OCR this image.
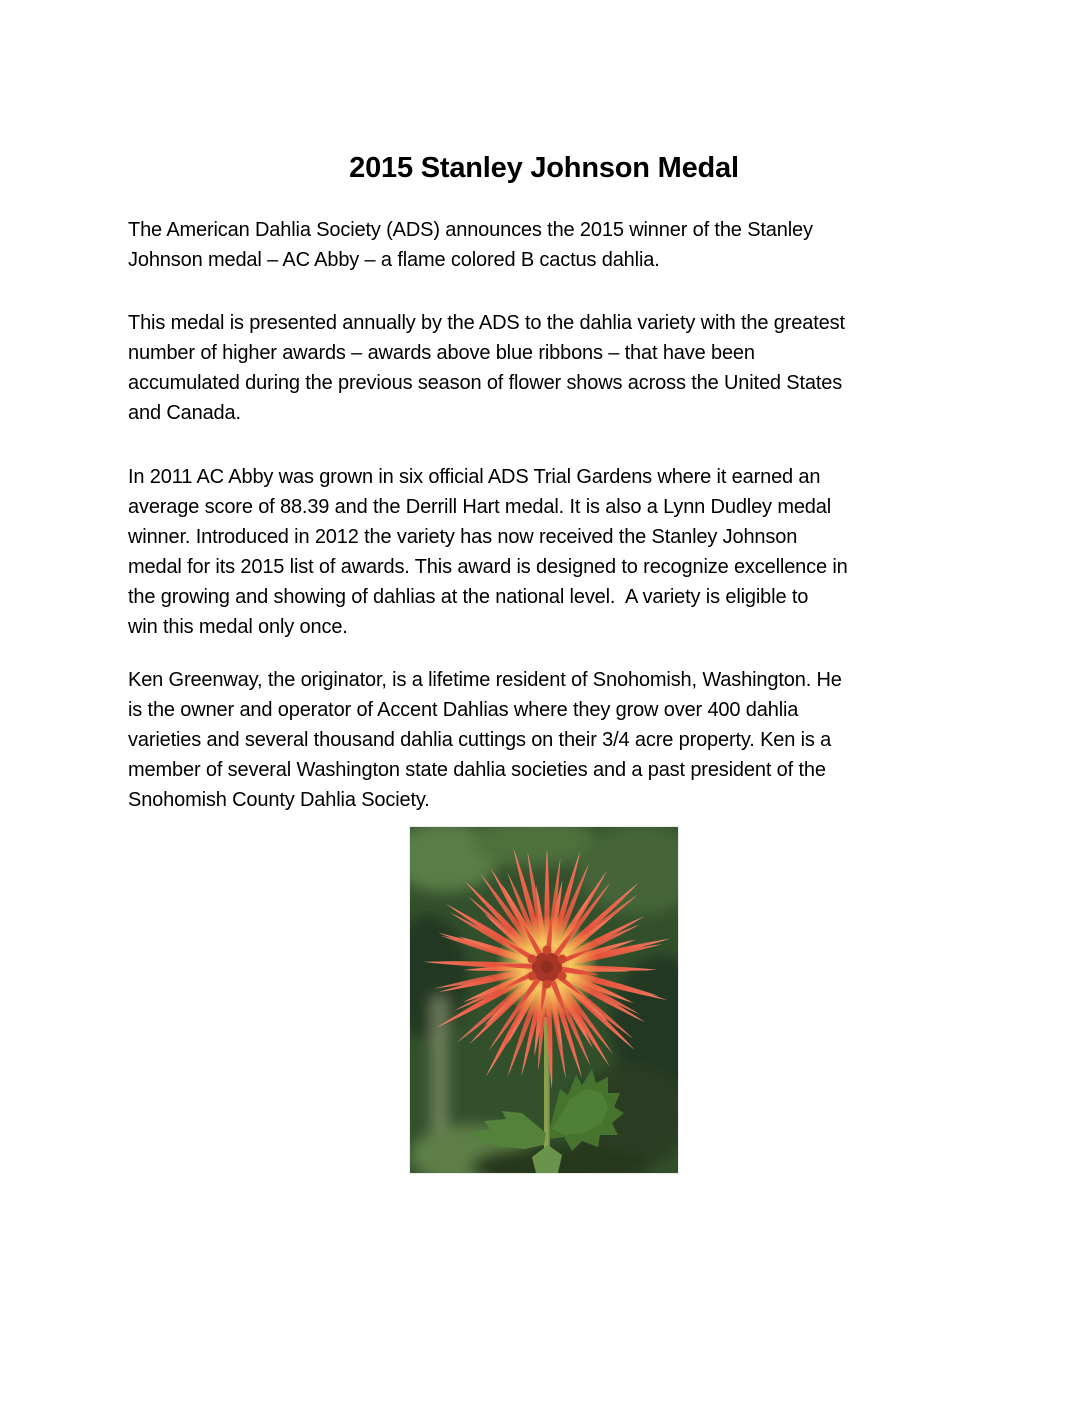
2015 Stanley Johnson Medal

The American Dahlia Society (ADS) announces the 2015 winner of the Stanley
Johnson medal – AC Abby – a flame colored B cactus dahlia.

This medal is presented annually by the ADS to the dahlia variety with the greatest
number of higher awards – awards above blue ribbons – that have been
accumulated during the previous season of flower shows across the United States
and Canada.

In 2011 AC Abby was grown in six official ADS Trial Gardens where it earned an
average score of 88.39 and the Derrill Hart medal. It is also a Lynn Dudley medal
winner. Introduced in 2012 the variety has now received the Stanley Johnson
medal for its 2015 list of awards. This award is designed to recognize excellence in
the growing and showing of dahlias at the national level.  A variety is eligible to
win this medal only once.

Ken Greenway, the originator, is a lifetime resident of Snohomish, Washington. He
is the owner and operator of Accent Dahlias where they grow over 400 dahlia
varieties and several thousand dahlia cuttings on their 3/4 acre property. Ken is a
member of several Washington state dahlia societies and a past president of the
Snohomish County Dahlia Society.
